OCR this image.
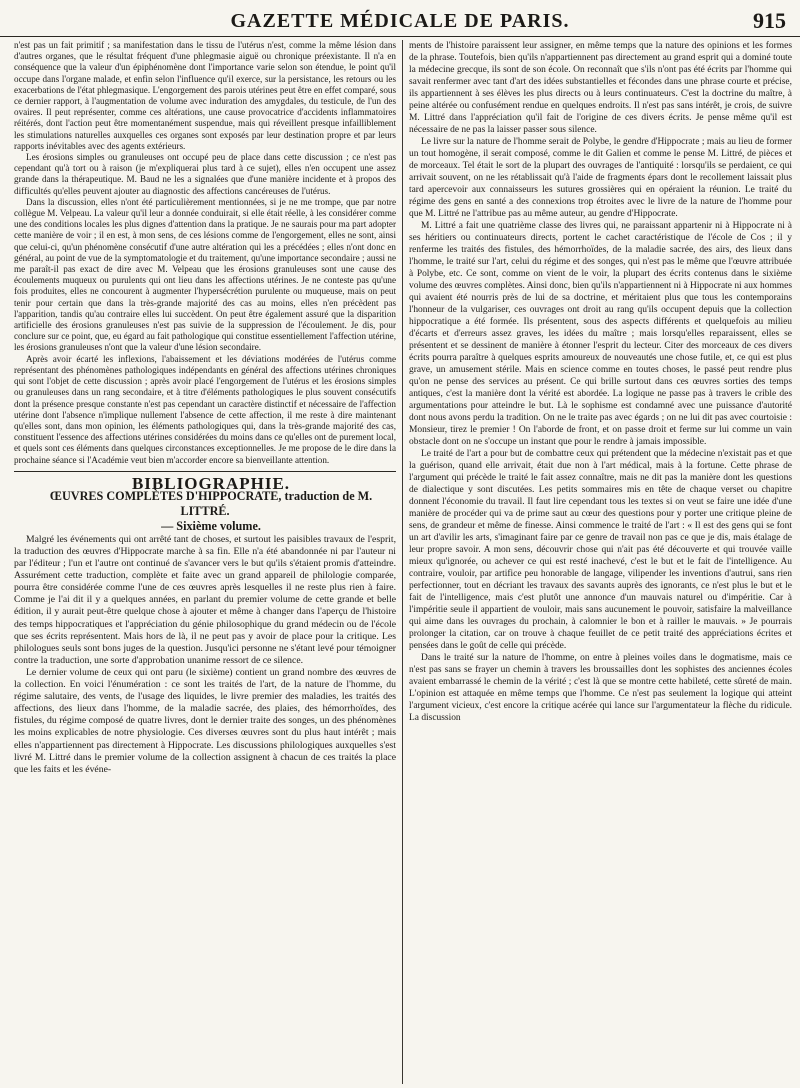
GAZETTE MÉDICALE DE PARIS.	915

n'est pas un fait primitif ; sa manifestation dans le tissu de l'utérus n'est, comme la même lésion dans d'autres organes, que le résultat fréquent d'une phlegmasie aiguë ou chronique préexistante. Il n'a en conséquence que la valeur d'un épiphénomène dont l'importance varie selon son étendue, le point qu'il occupe dans l'organe malade, et enfin selon l'influence qu'il exerce, sur la persistance, les retours ou les exacerbations de l'état phlegmasique. L'engorgement des parois utérines peut être en effet comparé, sous ce dernier rapport, à l'augmentation de volume avec induration des amygdales, du testicule, de l'un des ovaires. Il peut représenter, comme ces altérations, une cause provocatrice d'accidents inflammatoires réitérés, dont l'action peut être momentanément suspendue, mais qui réveillent presque infailliblement les stimulations naturelles auxquelles ces organes sont exposés par leur destination propre et par leurs rapports inévitables avec des agents extérieurs.

Les érosions simples ou granuleuses ont occupé peu de place dans cette discussion ; ce n'est pas cependant qu'à tort ou à raison (je m'expliquerai plus tard à ce sujet), elles n'en occupent une assez grande dans la thérapeutique. M. Baud ne les a signalées que d'une manière incidente et à propos des difficultés qu'elles peuvent ajouter au diagnostic des affections cancéreuses de l'utérus.

Dans la discussion, elles n'ont été particulièrement mentionnées, si je ne me trompe, que par notre collègue M. Velpeau. La valeur qu'il leur a donnée conduirait, si elle était réelle, à les considérer comme une des conditions locales les plus dignes d'attention dans la pratique. Je ne saurais pour ma part adopter cette manière de voir ; il en est, à mon sens, de ces lésions comme de l'engorgement, elles ne sont, ainsi que celui-ci, qu'un phénomène consécutif d'une autre altération qui les a précédées ; elles n'ont donc en général, au point de vue de la symptomatologie et du traitement, qu'une importance secondaire ; aussi ne me paraît-il pas exact de dire avec M. Velpeau que les érosions granuleuses sont une cause des écoulements muqueux ou purulents qui ont lieu dans les affections utérines. Je ne conteste pas qu'une fois produites, elles ne concourent à augmenter l'hypersécrétion purulente ou muqueuse, mais on peut tenir pour certain que dans la très-grande majorité des cas au moins, elles n'en précèdent pas l'apparition, tandis qu'au contraire elles lui succèdent. On peut être également assuré que la disparition artificielle des érosions granuleuses n'est pas suivie de la suppression de l'écoulement. Je dis, pour conclure sur ce point, que, eu égard au fait pathologique qui constitue essentiellement l'affection utérine, les érosions granuleuses n'ont que la valeur d'une lésion secondaire.

Après avoir écarté les inflexions, l'abaissement et les déviations modérées de l'utérus comme représentant des phénomènes pathologiques indépendants en général des affections utérines chroniques qui sont l'objet de cette discussion ; après avoir placé l'engorgement de l'utérus et les érosions simples ou granuleuses dans un rang secondaire, et à titre d'éléments pathologiques le plus souvent consécutifs dont la présence presque constante n'est pas cependant un caractère distinctif et nécessaire de l'affection utérine dont l'absence n'implique nullement l'absence de cette affection, il me reste à dire maintenant qu'elles sont, dans mon opinion, les éléments pathologiques qui, dans la très-grande majorité des cas, constituent l'essence des affections utérines considérées du moins dans ce qu'elles ont de purement local, et quels sont ces éléments dans quelques circonstances exceptionnelles. Je me propose de le dire dans la prochaine séance si l'Académie veut bien m'accorder encore sa bienveillante attention.

BIBLIOGRAPHIE.

ŒUVRES COMPLÈTES D'HIPPOCRATE, traduction de M. LITTRÉ.

— Sixième volume.

Malgré les événements qui ont arrêté tant de choses, et surtout les paisibles travaux de l'esprit, la traduction des œuvres d'Hippocrate marche à sa fin. Elle n'a été abandonnée ni par l'auteur ni par l'éditeur ; l'un et l'autre ont continué de s'avancer vers le but qu'ils s'étaient promis d'atteindre. Assurément cette traduction, complète et faite avec un grand appareil de philologie comparée, pourra être considérée comme l'une de ces œuvres après lesquelles il ne reste plus rien à faire. Comme je l'ai dit il y a quelques années, en parlant du premier volume de cette grande et belle édition, il y aurait peut-être quelque chose à ajouter et même à changer dans l'aperçu de l'histoire des temps hippocratiques et l'appréciation du génie philosophique du grand médecin ou de l'école que ses écrits représentent. Mais hors de là, il ne peut pas y avoir de place pour la critique. Les philologues seuls sont bons juges de la question. Jusqu'ici personne ne s'étant levé pour témoigner contre la traduction, une sorte d'approbation unanime ressort de ce silence.

Le dernier volume de ceux qui ont paru (le sixième) contient un grand nombre des œuvres de la collection. En voici l'énumération : ce sont les traités de l'art, de la nature de l'homme, du régime salutaire, des vents, de l'usage des liquides, le livre premier des maladies, les traités des affections, des lieux dans l'homme, de la maladie sacrée, des plaies, des hémorrhoïdes, des fistules, du régime composé de quatre livres, dont le dernier traite des songes, un des phénomènes les moins explicables de notre physiologie. Ces diverses œuvres sont du plus haut intérêt ; mais elles n'appartiennent pas directement à Hippocrate. Les discussions philologiques auxquelles s'est livré M. Littré dans le premier volume de la collection assignent à chacun de ces traités la place que les faits et les événe-

ments de l'histoire paraissent leur assigner, en même temps que la nature des opinions et les formes de la phrase. Toutefois, bien qu'ils n'appartiennent pas directement au grand esprit qui a dominé toute la médecine grecque, ils sont de son école. On reconnaît que s'ils n'ont pas été écrits par l'homme qui savait renfermer avec tant d'art des idées substantielles et fécondes dans une phrase courte et précise, ils appartiennent à ses élèves les plus directs ou à leurs continuateurs. C'est la doctrine du maître, à peine altérée ou confusément rendue en quelques endroits. Il n'est pas sans intérêt, je crois, de suivre M. Littré dans l'appréciation qu'il fait de l'origine de ces divers écrits. Je pense même qu'il est nécessaire de ne pas la laisser passer sous silence.

Le livre sur la nature de l'homme serait de Polybe, le gendre d'Hippocrate ; mais au lieu de former un tout homogène, il serait composé, comme le dit Galien et comme le pense M. Littré, de pièces et de morceaux. Tel était le sort de la plupart des ouvrages de l'antiquité : lorsqu'ils se perdaient, ce qui arrivait souvent, on ne les rétablissait qu'à l'aide de fragments épars dont le recollement laissait plus tard apercevoir aux connaisseurs les sutures grossières qui en opéraient la réunion. Le traité du régime des gens en santé a des connexions trop étroites avec le livre de la nature de l'homme pour que M. Littré ne l'attribue pas au même auteur, au gendre d'Hippocrate.

M. Littré a fait une quatrième classe des livres qui, ne paraissant appartenir ni à Hippocrate ni à ses héritiers ou continuateurs directs, portent le cachet caractéristique de l'école de Cos ; il y renferme les traités des fistules, des hémorrhoïdes, de la maladie sacrée, des airs, des lieux dans l'homme, le traité sur l'art, celui du régime et des songes, qui n'est pas le même que l'œuvre attribuée à Polybe, etc. Ce sont, comme on vient de le voir, la plupart des écrits contenus dans le sixième volume des œuvres complètes. Ainsi donc, bien qu'ils n'appartiennent ni à Hippocrate ni aux hommes qui avaient été nourris près de lui de sa doctrine, et méritaient plus que tous les contemporains l'honneur de la vulgariser, ces ouvrages ont droit au rang qu'ils occupent depuis que la collection hippocratique a été formée. Ils présentent, sous des aspects différents et quelquefois au milieu d'écarts et d'erreurs assez graves, les idées du maître ; mais lorsqu'elles reparaissent, elles se présentent et se dessinent de manière à étonner l'esprit du lecteur. Citer des morceaux de ces divers écrits pourra paraître à quelques esprits amoureux de nouveautés une chose futile, et, ce qui est plus grave, un amusement stérile. Mais en science comme en toutes choses, le passé peut rendre plus qu'on ne pense des services au présent. Ce qui brille surtout dans ces œuvres sorties des temps antiques, c'est la manière dont la vérité est abordée. La logique ne passe pas à travers le crible des argumentations pour atteindre le but. Là le sophisme est condamné avec une puissance d'autorité dont nous avons perdu la tradition. On ne le traite pas avec égards ; on ne lui dit pas avec courtoisie : Monsieur, tirez le premier ! On l'aborde de front, et on passe droit et ferme sur lui comme un vain obstacle dont on ne s'occupe un instant que pour le rendre à jamais impossible.

Le traité de l'art a pour but de combattre ceux qui prétendent que la médecine n'existait pas et que la guérison, quand elle arrivait, était due non à l'art médical, mais à la fortune. Cette phrase de l'argument qui précède le traité le fait assez connaître, mais ne dit pas la manière dont les questions de dialectique y sont discutées. Les petits sommaires mis en tête de chaque verset ou chapitre donnent l'économie du travail. Il faut lire cependant tous les textes si on veut se faire une idée d'une manière de procéder qui va de prime saut au cœur des questions pour y porter une critique pleine de sens, de grandeur et même de finesse. Ainsi commence le traité de l'art : « Il est des gens qui se font un art d'avilir les arts, s'imaginant faire par ce genre de travail non pas ce que je dis, mais étalage de leur propre savoir. A mon sens, découvrir chose qui n'ait pas été découverte et qui trouvée vaille mieux qu'ignorée, ou achever ce qui est resté inachevé, c'est le but et le fait de l'intelligence. Au contraire, vouloir, par artifice peu honorable de langage, vilipender les inventions d'autrui, sans rien perfectionner, tout en décriant les travaux des savants auprès des ignorants, ce n'est plus le but et le fait de l'intelligence, mais c'est plutôt une annonce d'un mauvais naturel ou d'impéritie. Car à l'impéritie seule il appartient de vouloir, mais sans aucunement le pouvoir, satisfaire la malveillance qui aime dans les ouvrages du prochain, à calomnier le bon et à railler le mauvais. » Je pourrais prolonger la citation, car on trouve à chaque feuillet de ce petit traité des appréciations écrites et pensées dans le goût de celle qui précède.

Dans le traité sur la nature de l'homme, on entre à pleines voiles dans le dogmatisme, mais ce n'est pas sans se frayer un chemin à travers les broussailles dont les sophistes des anciennes écoles avaient embarrassé le chemin de la vérité ; c'est là que se montre cette habileté, cette sûreté de main. L'opinion est attaquée en même temps que l'homme. Ce n'est pas seulement la logique qui atteint l'argument vicieux, c'est encore la critique acérée qui lance sur l'argumentateur la flèche du ridicule. La discussion
